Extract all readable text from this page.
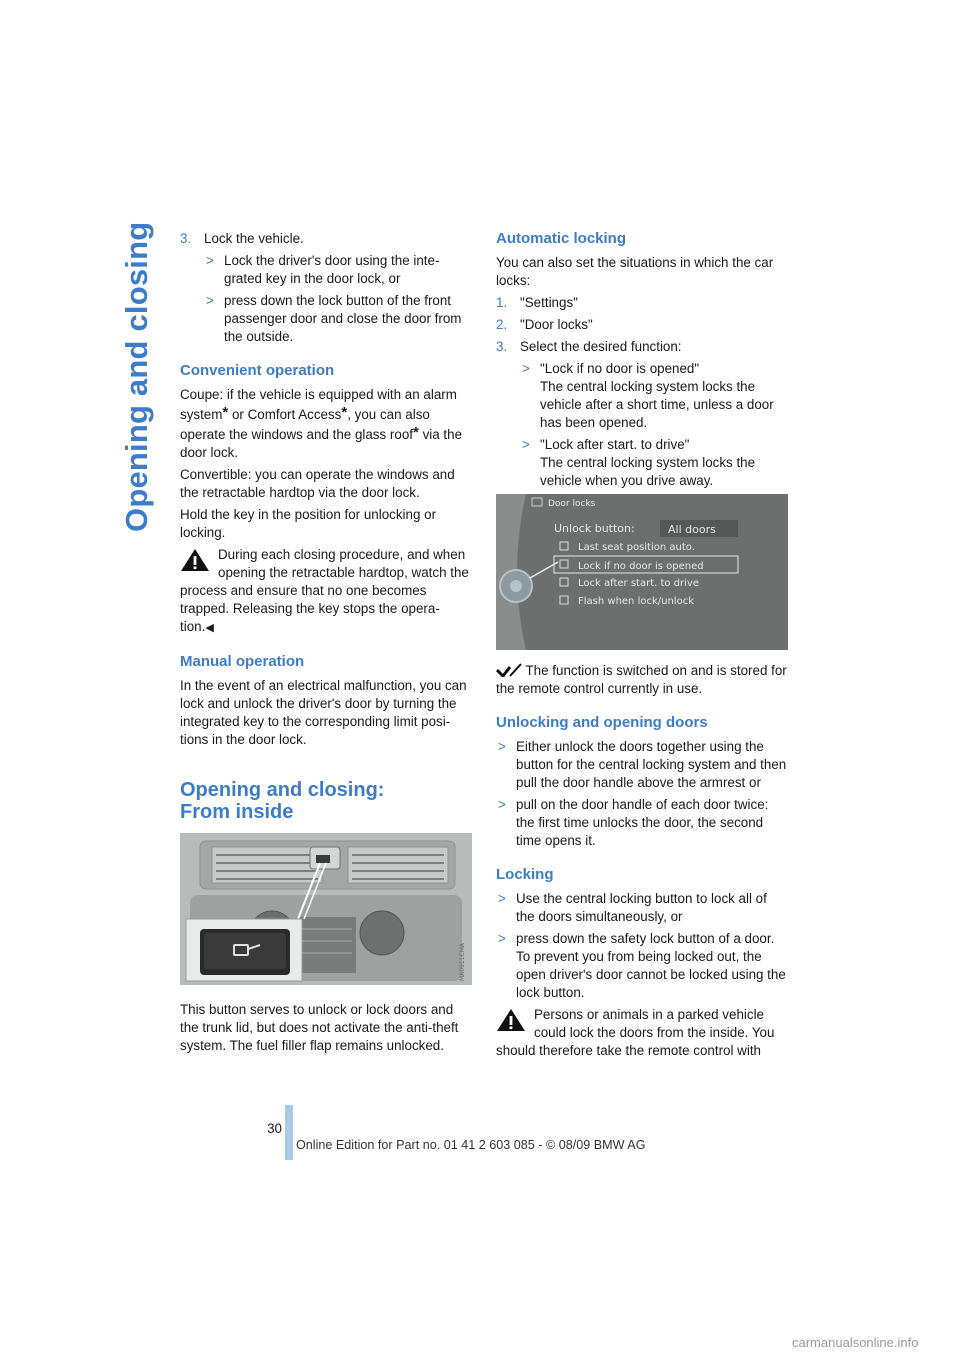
Opening and closing	3. Lock the vehicle.
> Lock the driver's door using the inte- grated key in the door lock, or
> press down the lock button of the front passenger door and close the door from the outside.
Convenient operation

Coupe: if the vehicle is equipped with an alarm system* or Comfort Access*, you can also operate the windows and the glass roof* via the door lock.

Convertible: you can operate the windows and the retractable hardtop via the door lock.

Hold the key in the position for unlocking or locking.

During each closing procedure, and when opening the retractable hardtop, watch the process and ensure that no one becomes trapped. Releasing the key stops the opera- tion.◀

Manual operation

In the event of an electrical malfunction, you can lock and unlock the driver's door by turning the integrated key to the corresponding limit posi- tions in the door lock.

Opening and closing:
From inside
MA0911CMA

This button serves to unlock or lock doors and the trunk lid, but does not activate the anti-theft system. The fuel filler flap remains unlocked.

Automatic locking

You can also set the situations in which the car locks:

1. "Settings"
2. "Door locks"
3. Select the desired function:
> "Lock if no door is opened"
The central locking system locks the vehicle after a short time, unless a door has been opened.
> "Lock after start. to drive"
The central locking system locks the vehicle when you drive away.
Door locks
Unlock button:	All doors
Last seat position auto.
Lock if no door is opened
Lock after start. to drive
Flash when lock/unlock

The function is switched on and is stored for the remote control currently in use.

Unlocking and opening doors
> Either unlock the doors together using the button for the central locking system and then pull the door handle above the armrest or
> pull on the door handle of each door twice: the first time unlocks the door, the second time opens it.
Locking
> Use the central locking button to lock all of the doors simultaneously, or
> press down the safety lock button of a door. To prevent you from being locked out, the open driver's door cannot be locked using the lock button.

Persons or animals in a parked vehicle could lock the doors from the inside. You should therefore take the remote control with

30
Online Edition for Part no. 01 41 2 603 085 - © 08/09 BMW AG
carmanualsonline.info
